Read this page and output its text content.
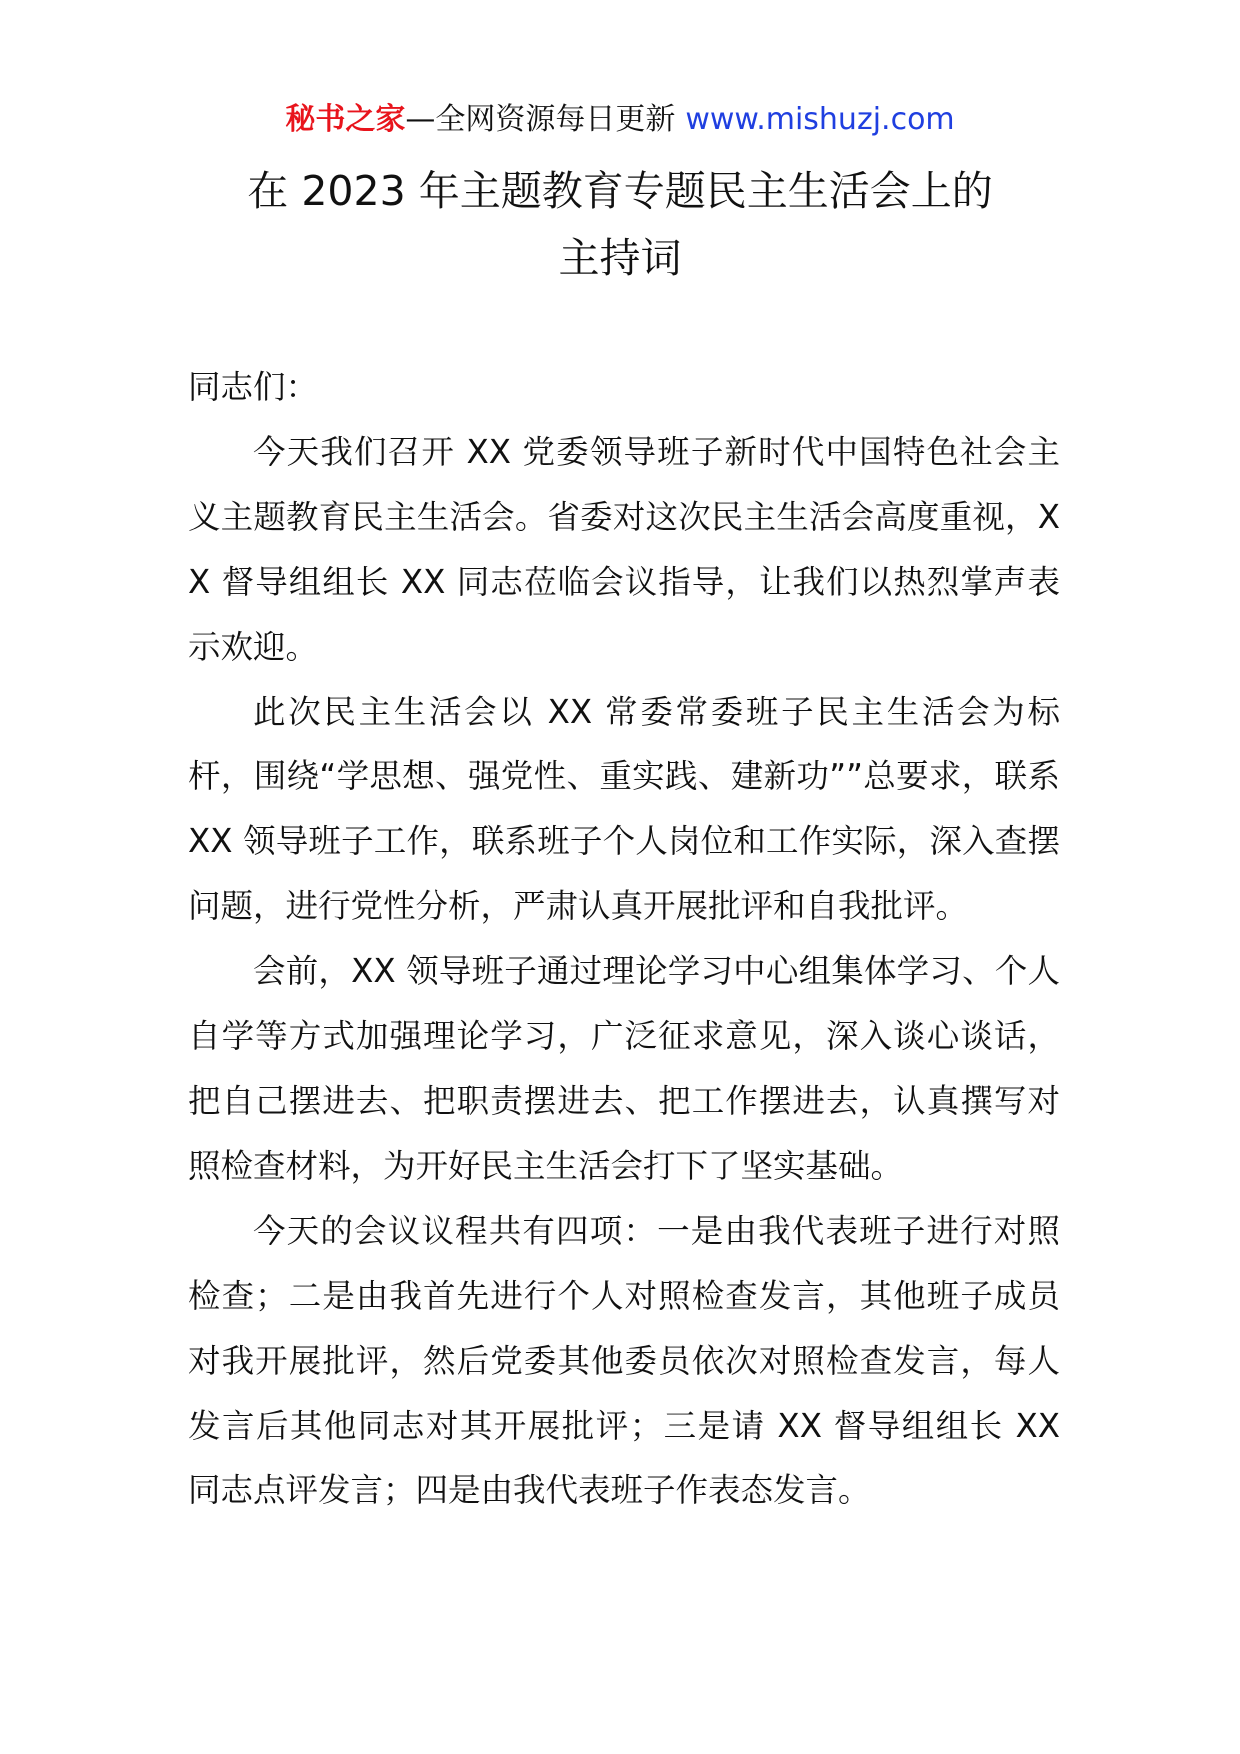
秘书之家—全网资源每日更新 www.mishuzj.com
在 2023 年主题教育专题民主生活会上的
主持词

同志们：

今天我们召开 XX 党委领导班子新时代中国特色社会主义主题教育民主生活会。省委对这次民主生活会高度重视，XX 督导组组长 XX 同志莅临会议指导，让我们以热烈掌声表示欢迎。

此次民主生活会以 XX 常委常委班子民主生活会为标杆，围绕“学思想、强党性、重实践、建新功””总要求，联系 XX 领导班子工作，联系班子个人岗位和工作实际，深入查摆问题，进行党性分析，严肃认真开展批评和自我批评。

会前，XX 领导班子通过理论学习中心组集体学习、个人自学等方式加强理论学习，广泛征求意见，深入谈心谈话，把自己摆进去、把职责摆进去、把工作摆进去，认真撰写对照检查材料，为开好民主生活会打下了坚实基础。

今天的会议议程共有四项：一是由我代表班子进行对照检查；二是由我首先进行个人对照检查发言，其他班子成员对我开展批评，然后党委其他委员依次对照检查发言，每人发言后其他同志对其开展批评；三是请 XX 督导组组长 XX 同志点评发言；四是由我代表班子作表态发言。
